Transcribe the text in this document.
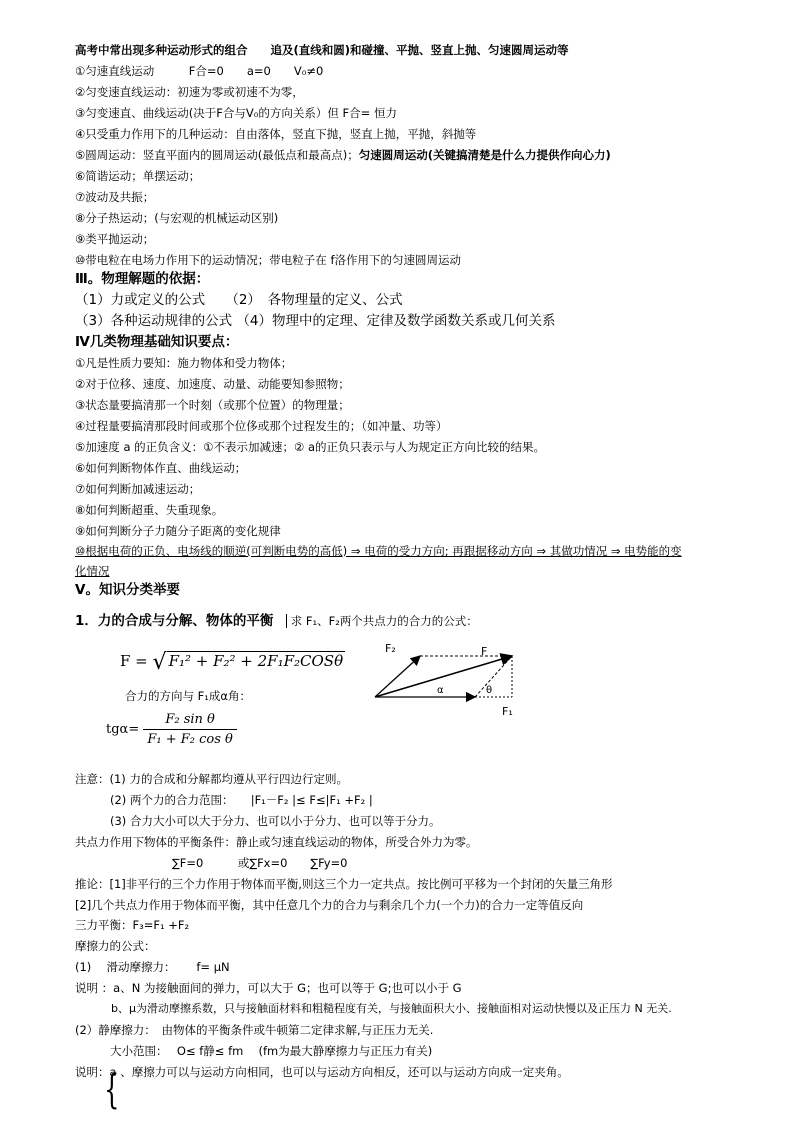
高考中常出现多种运动形式的组合　　追及(直线和圆)和碰撞、平抛、竖直上抛、匀速圆周运动等
①匀速直线运动　　　F合=0　　a=0　　V₀≠0
②匀变速直线运动：初速为零或初速不为零，
③匀变速直、曲线运动(决于F合与V₀的方向关系）但 F合= 恒力
④只受重力作用下的几种运动：自由落体，竖直下抛，竖直上抛，平抛，斜抛等
⑤圆周运动：竖直平面内的圆周运动(最低点和最高点)；匀速圆周运动(关键搞清楚是什么力提供作向心力)
⑥简谐运动；单摆运动；
⑦波动及共振；
⑧分子热运动；(与宏观的机械运动区别)
⑨类平抛运动；
⑩带电粒在电场力作用下的运动情况；带电粒子在 f洛作用下的匀速圆周运动
Ⅲ。物理解题的依据：
（1）力或定义的公式　　（2）　各物理量的定义、公式
（3）各种运动规律的公式 （4）物理中的定理、定律及数学函数关系或几何关系
Ⅳ几类物理基础知识要点：
①凡是性质力要知：施力物体和受力物体；
②对于位移、速度、加速度、动量、动能要知参照物；
③状态量要搞清那一个时刻（或那个位置）的物理量；
④过程量要搞清那段时间或那个位侈或那个过程发生的；（如冲量、功等）
⑤加速度 a 的正负含义：①不表示加减速；② a的正负只表示与人为规定正方向比较的结果。
⑥如何判断物体作直、曲线运动；
⑦如何判断加减速运动；
⑧如何判断超重、失重现象。
⑨如何判断分子力随分子距离的变化规律
⑩根据电荷的正负、电场线的顺逆(可判断电势的高低) ⇒ 电荷的受力方向; 再跟据移动方向 ⇒ 其做功情况 ⇒ 电势能的变
化情况
V。知识分类举要
1．力的合成与分解、物体的平衡 求 F₁、F₂两个共点力的合力的公式：
F = √ F₁² + F₂² + 2F₁F₂COSθ
合力的方向与 F₁成α角：
$tg\alpha= \frac{\text{F₂ sin θ}}{\text{F₁ + F₂ cos θ}}$
F₂	F
α	θ
F₁
注意：(1) 力的合成和分解都均遵从平行四边行定则。
(2) 两个力的合力范围：　　|F₁－F₂ |≤ F≤|F₁ +F₂ |
(3) 合力大小可以大于分力、也可以小于分力、也可以等于分力。
共点力作用下物体的平衡条件：静止或匀速直线运动的物体，所受合外力为零。
∑F=0　　　或∑Fx=0　　∑Fy=0
推论：[1]非平行的三个力作用于物体而平衡,则这三个力一定共点。按比例可平移为一个封闭的矢量三角形
[2]几个共点力作用于物体而平衡，其中任意几个力的合力与剩余几个力(一个力)的合力一定等值反向
三力平衡：F₃=F₁ +F₂
摩擦力的公式：
(1)　 滑动摩擦力：　　 f= μN
说明 ：a、N 为接触面间的弹力，可以大于 G；也可以等于 G;也可以小于 G
b、μ为滑动摩擦系数，只与接触面材料和粗糙程度有关，与接触面积大小、接触面相对运动快慢以及正压力 N 无关.
(2）静摩擦力：　由物体的平衡条件或牛顿第二定律求解,与正压力无关.
大小范围：　 O≤ f静≤ fm　 (fm为最大静摩擦力与正压力有关)
说明：a 、摩擦力可以与运动方向相同，也可以与运动方向相反，还可以与运动方向成一定夹角。
{
